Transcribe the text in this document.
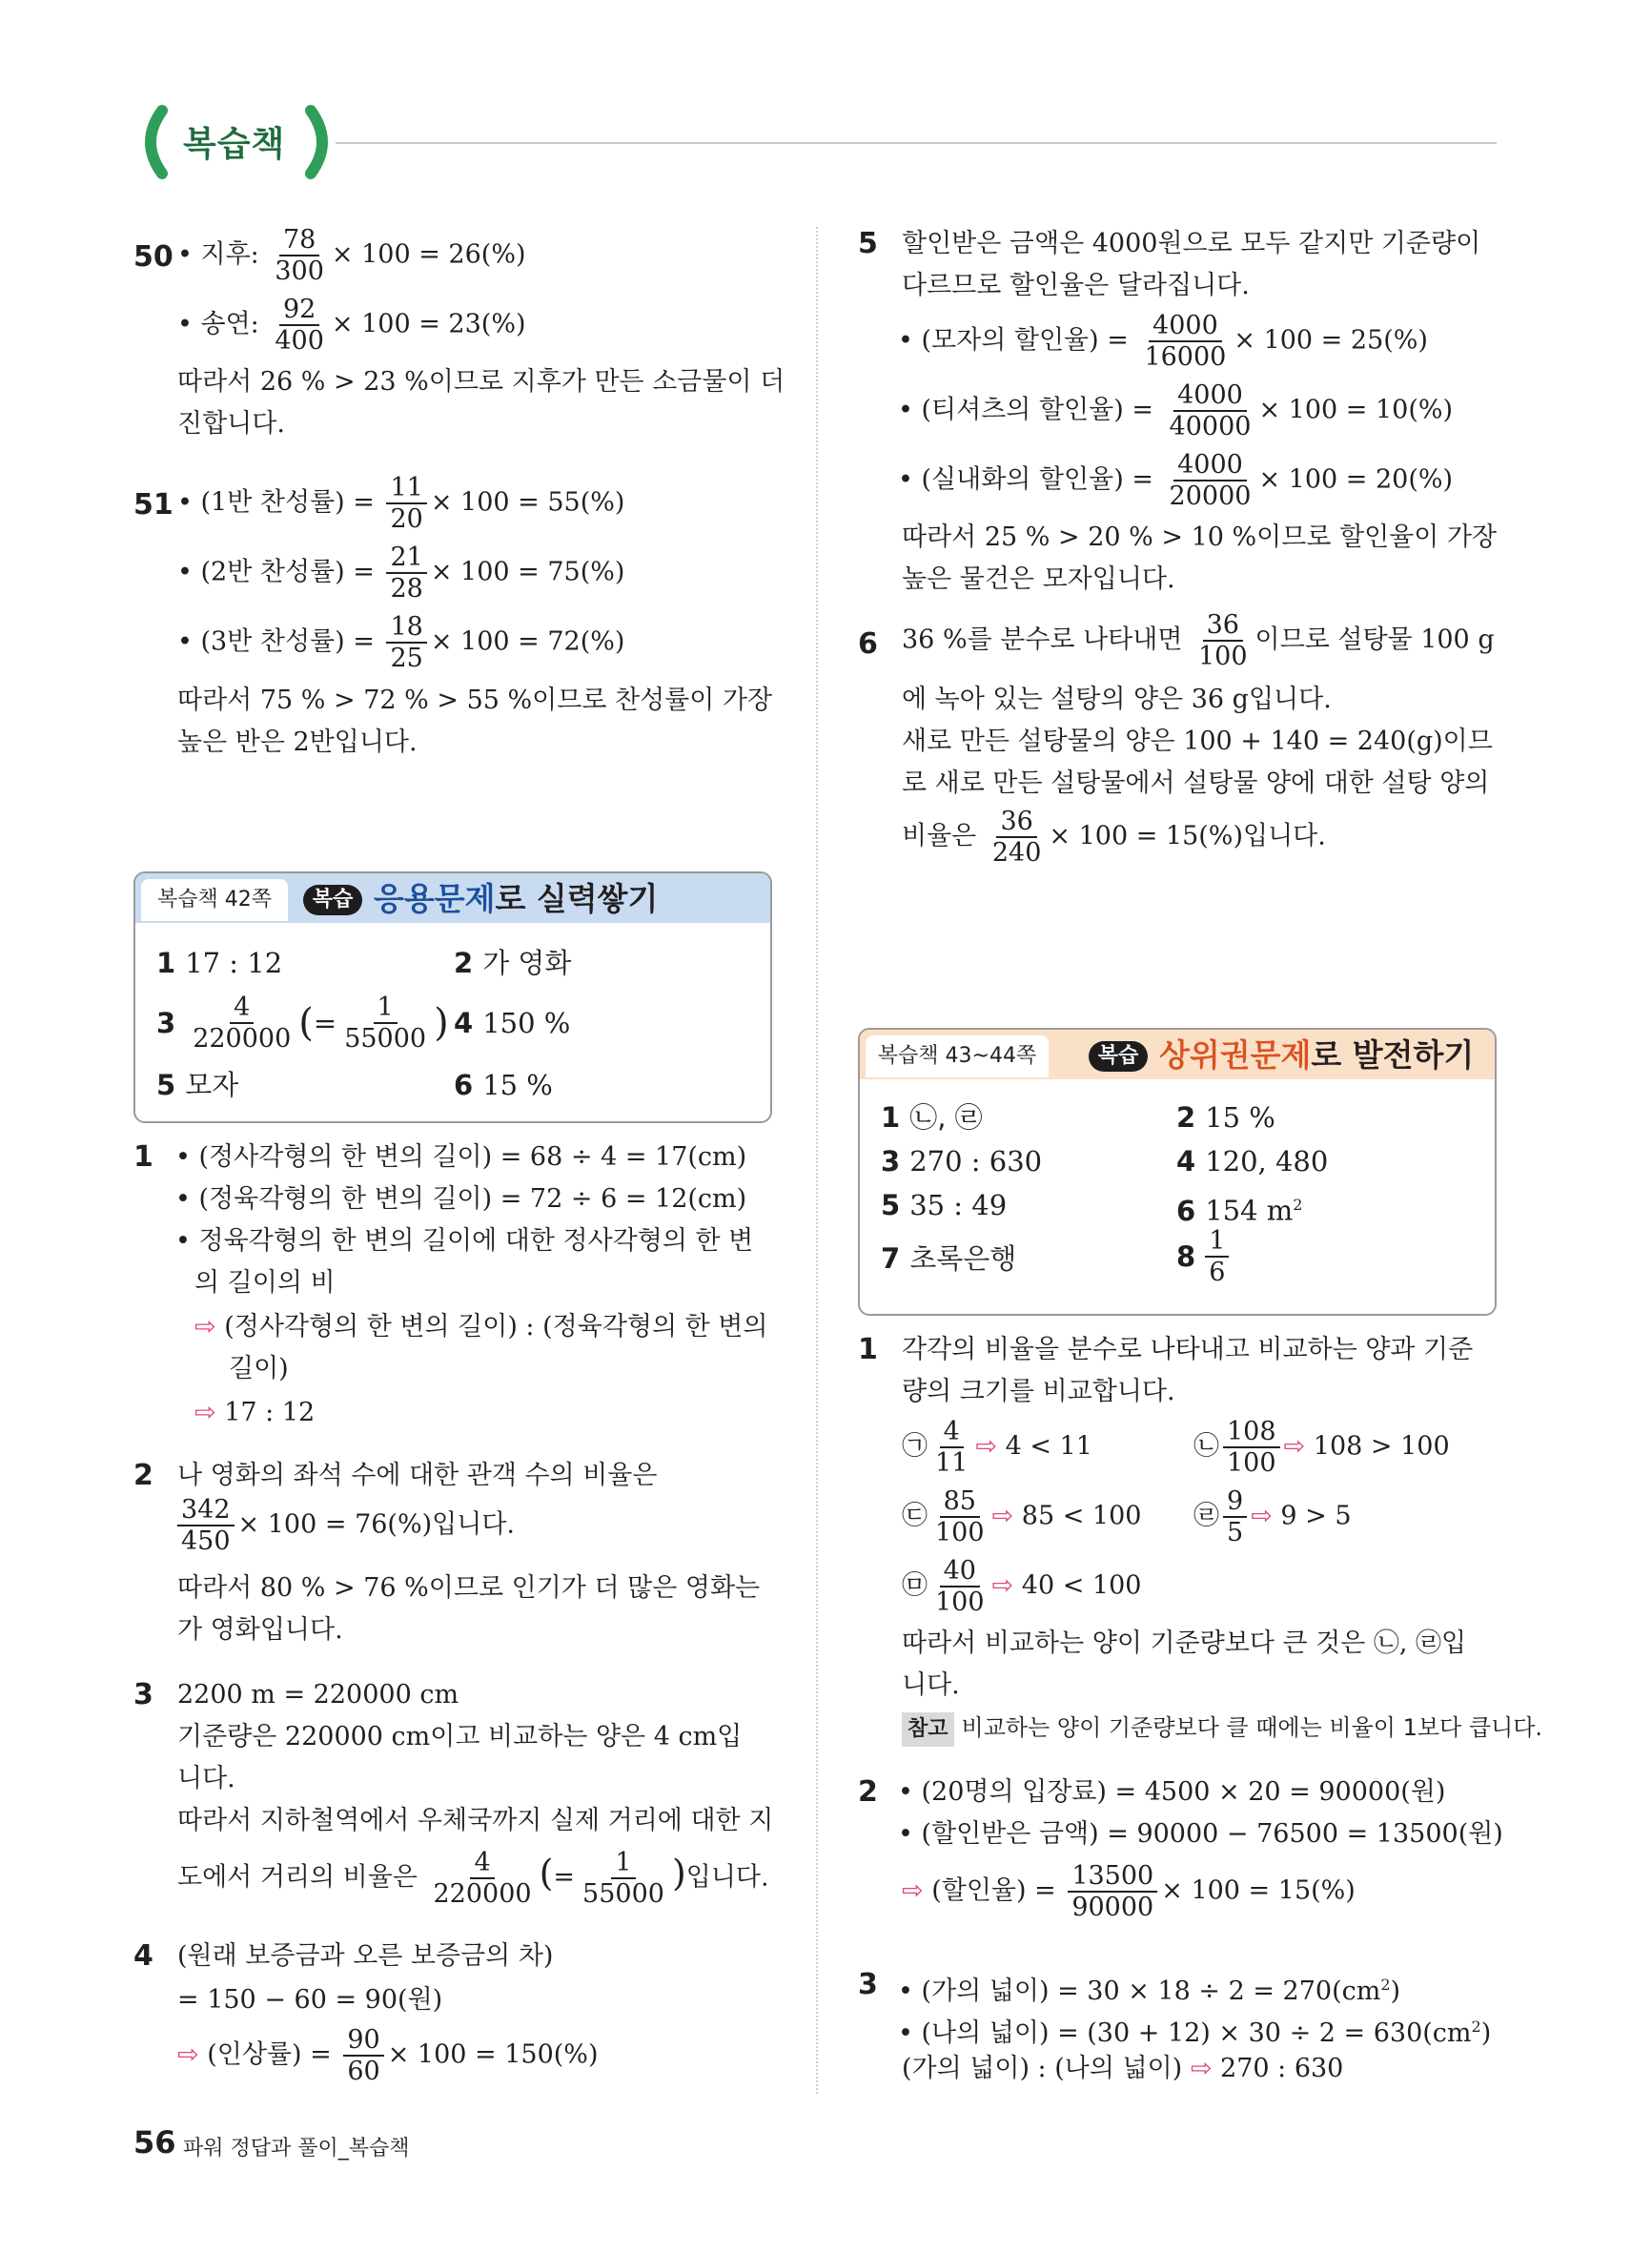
복습책
50 • 지후: $\frac{78}{300} \times 100 = 26(\%)$
• 송연: $\frac{92}{400} \times 100 = 23(\%)$
따라서 26 % > 23 %이므로 지후가 만든 소금물이 더
진합니다.
51 • (1반 찬성률) = $\frac{11}{20} \times 100 = 55(\%)$
• (2반 찬성률) = $\frac{21}{28} \times 100 = 75(\%)$
• (3반 찬성률) = $\frac{18}{25} \times 100 = 72(\%)$
따라서 75 % > 72 % > 55 %이므로 찬성률이 가장
높은 반은 2반입니다.
복습책 42쪽	복습 응용문제로 실력쌓기
1 17 : 12	2 가 영화
$3 \frac{4}{220000}$ ( = $\frac{1}{55000}$ ) 4 150 %
5 모자	6 15 %
1 • (정사각형의 한 변의 길이) = 68 ÷ 4 = 17(cm)
• (정육각형의 한 변의 길이) = 72 ÷ 6 = 12(cm)
• 정육각형의 한 변의 길이에 대한 정사각형의 한 변
의 길이의 비
⇨ (정사각형의 한 변의 길이) : (정육각형의 한 변의
길이)
⇨ 17 : 12
2 나 영화의 좌석 수에 대한 관객 수의 비율은
$\frac{342}{450} \times 100 = 76(\%)$입니다.
따라서 80 % > 76 %이므로 인기가 더 많은 영화는
가 영화입니다.
3 2200 m = 220000 cm
기준량은 220000 cm이고 비교하는 양은 4 cm입
니다.
따라서 지하철역에서 우체국까지 실제 거리에 대한 지
도에서 거리의 비율은 $\frac{4}{220000}$ (= $\frac{1}{55000}$ )입니다.
4 (원래 보증금과 오른 보증금의 차)
= 150 − 60 = 90(원)
⇨ (인상률) = $\frac{90}{60} \times 100 = 150(\%)$
5 할인받은 금액은 4000원으로 모두 같지만 기준량이
다르므로 할인율은 달라집니다.
• (모자의 할인율) = $\frac{4000}{16000} \times 100 = 25(\%)$
• (티셔츠의 할인율) = $\frac{4000}{40000} \times 100 = 10(\%)$
• (실내화의 할인율) = $\frac{4000}{20000} \times 100 = 20(\%)$
따라서 25 % > 20 % > 10 %이므로 할인율이 가장
높은 물건은 모자입니다.
6 36 %를 분수로 나타내면 $\frac{36}{100}$ 이므로 설탕물 100 g
에 녹아 있는 설탕의 양은 36 g입니다.
새로 만든 설탕물의 양은 100 + 140 = 240(g)이므
로 새로 만든 설탕물에서 설탕물 양에 대한 설탕 양의
비율은 $\frac{36}{240} \times 100 = 15(\%)$입니다.
복습책 43~44쪽	복습 상위권문제로 발전하기
1 ㉡, ㉣	2 15 %
3 270 : 630	4 120, 480
5 35 : 49	6 154 $m^2$
7 초록은행	$8 \frac{1}{6}$
1 각각의 비율을 분수로 나타내고 비교하는 양과 기준
량의 크기를 비교합니다.
㉠ $\frac{4}{11}$ ⇨ 4 < 11	㉡ $\frac{108}{100}$ ⇨ 108 > 100
㉢ $\frac{85}{100}$ ⇨ 85 < 100 ㉣ $\frac{9}{5}$ ⇨ 9 > 5
㉤ $\frac{40}{100}$ ⇨ 40 < 100
따라서 비교하는 양이 기준량보다 큰 것은 ㉡, ㉣입
니다.
참고 비교하는 양이 기준량보다 클 때에는 비율이 1보다 큽니다.
2 • (20명의 입장료) = 4500 × 20 = 90000(원)
• (할인받은 금액) = 90000 − 76500 = 13500(원)
⇨ (할인율) = $\frac{13500}{90000} \times 100 = 15(\%)$
3 • (가의 넓이) = $30 \times 18 \div 2 = 270(cm^2)$
• (나의 넓이) = $(30 + 12) \times 30 \div 2 = 630(cm^2)$
(가의 넓이) : (나의 넓이) ⇨ 270 : 630
56 파워 정답과 풀이_복습책
